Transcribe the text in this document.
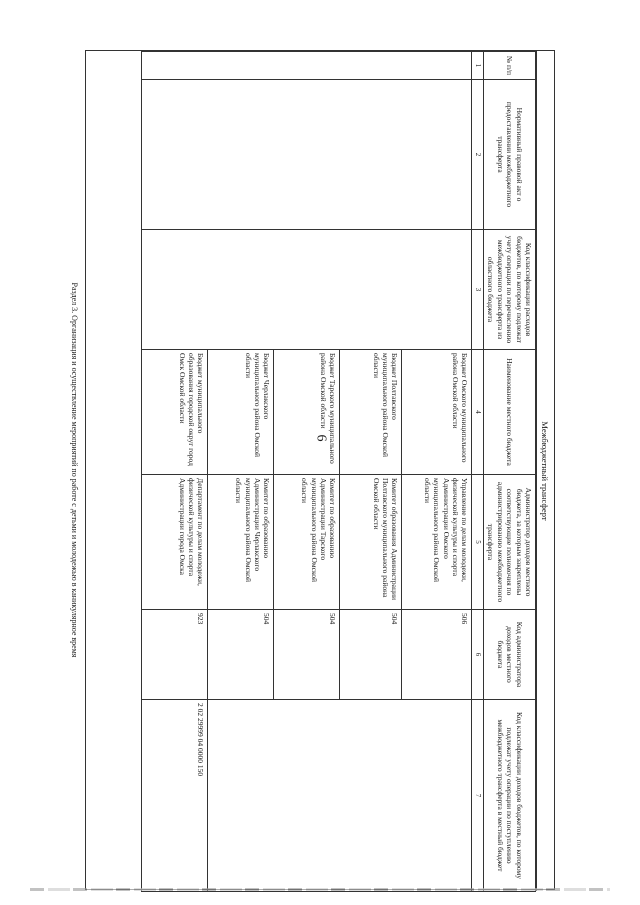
6	Межбюджетный трансферт
№ п/п	Нормативный правовой акт о предоставлении межбюджетного трансферта	Код классификации расходов бюджетов, по которому подлежат учету операции по перечислению межбюджетного трансферта из областного бюджета	Наименование местного бюджета	Администратор доходов местного бюджета, за которым закреплены соответствующие полномочия по администрированию межбюджетного трансферта	Код администратора доходов местного бюджета	Код классификации доходов бюджетов, по которому подлежат учету операции по поступлению межбюджетного трансферта в местный бюджет
1	2	3	4	5	6	7
			Бюджет Омского муниципального района Омской области	Управление по делам молодежи, физической культуры и спорта Администрации Омского муниципального района Омской области	506	
			Бюджет Полтавского муниципального района Омской области	Комитет образования Администрации Полтавского муниципального района Омской области	504	
			Бюджет Тарского муниципального района Омской области	Комитет по образованию Администрации Тарского муниципального района Омской области	504	
			Бюджет Черлакского муниципального района Омской области	Комитет по образованию Администрации Черлакского муниципального района Омской области	504	
			Бюджет муниципального образования городской округ город Омск Омской области	Департамент по делам молодежи, физической культуры и спорта Администрации города Омска	923	2 02 29999 04 0000 150
Раздел 3. Организация и осуществление мероприятий по работе с детьми и молодежью в каникулярное время
